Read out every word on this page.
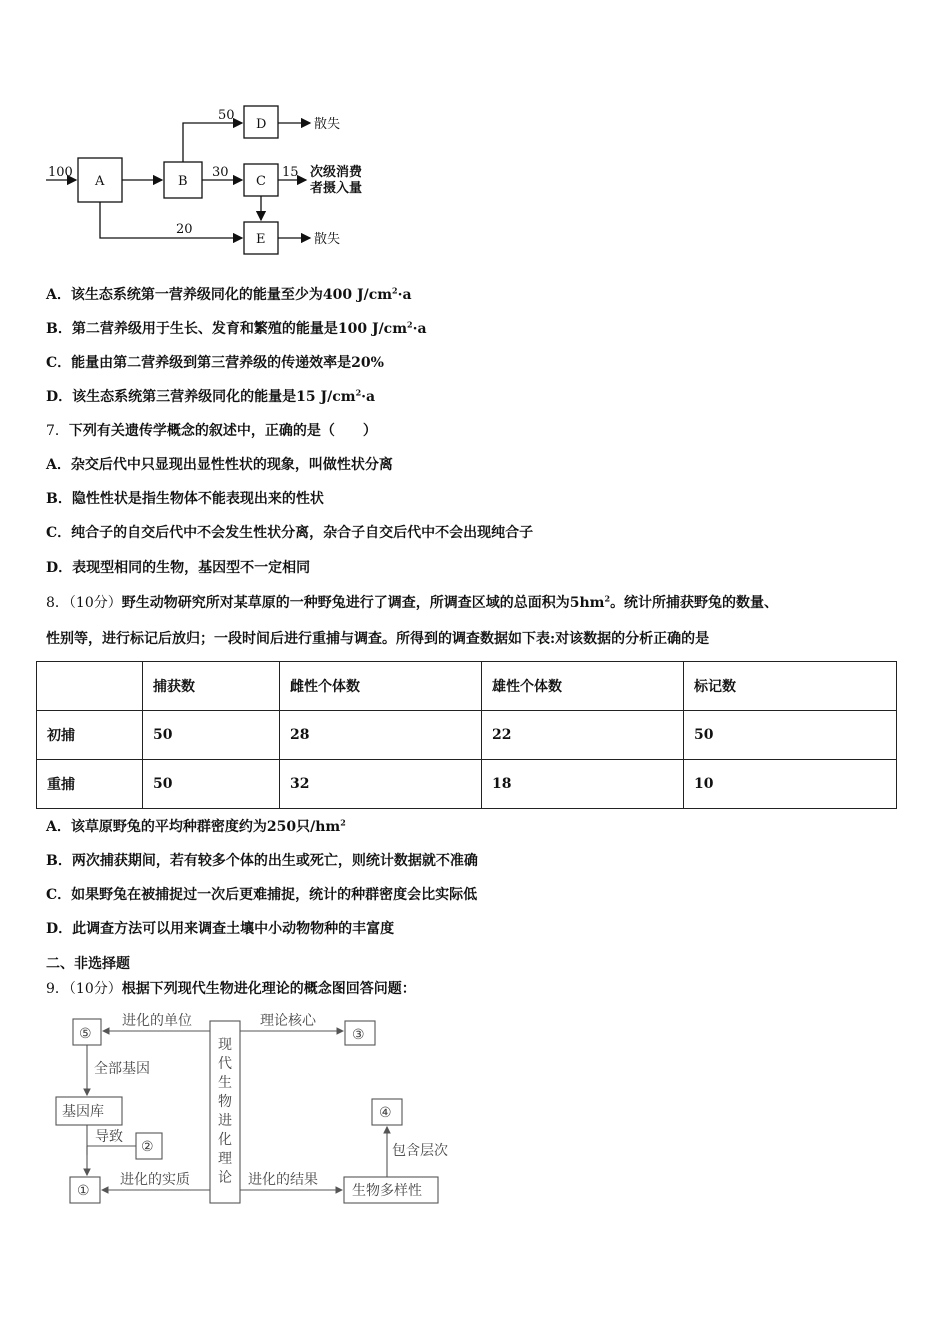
100
A	B	C
D
E
50
30	15
20
散失
次级消费
者摄入量
散失
A．该生态系统第一营养级同化的能量至少为400 $J/cm^2\cdot a$
B．第二营养级用于生长、发育和繁殖的能量是100 $J/cm^2\cdot a$
C．能量由第二营养级到第三营养级的传递效率是20%
D．该生态系统第三营养级同化的能量是15 $J/cm^2\cdot a$
7．下列有关遗传学概念的叙述中，正确的是（　　）
A．杂交后代中只显现出显性性状的现象，叫做性状分离
B．隐性性状是指生物体不能表现出来的性状
C．纯合子的自交后代中不会发生性状分离，杂合子自交后代中不会出现纯合子
D．表现型相同的生物，基因型不一定相同
8．（10分）野生动物研究所对某草原的一种野兔进行了调查，所调查区域的总面积为$5hm^2$。统计所捕获野兔的数量、
性别等，进行标记后放归；一段时间后进行重捕与调查。所得到的调查数据如下表:对该数据的分析正确的是
	捕获数	雌性个体数	雄性个体数	标记数
初捕	50	28	22	50
重捕	50	32	18	10
A．该草原野兔的平均种群密度约为250只$/hm^2$
B．两次捕获期间，若有较多个体的出生或死亡，则统计数据就不准确
C．如果野兔在被捕捉过一次后更难捕捉，统计的种群密度会比实际低
D．此调查方法可以用来调查土壤中小动物物种的丰富度
二、非选择题
9．（10分）根据下列现代生物进化理论的概念图回答问题：
⑤	③
④
②
①
基因库
生物多样性
进化的单位	理论核心
全部基因
导致
进化的实质	进化的结果
包含层次
现
代
生
物
进
化
理
论
